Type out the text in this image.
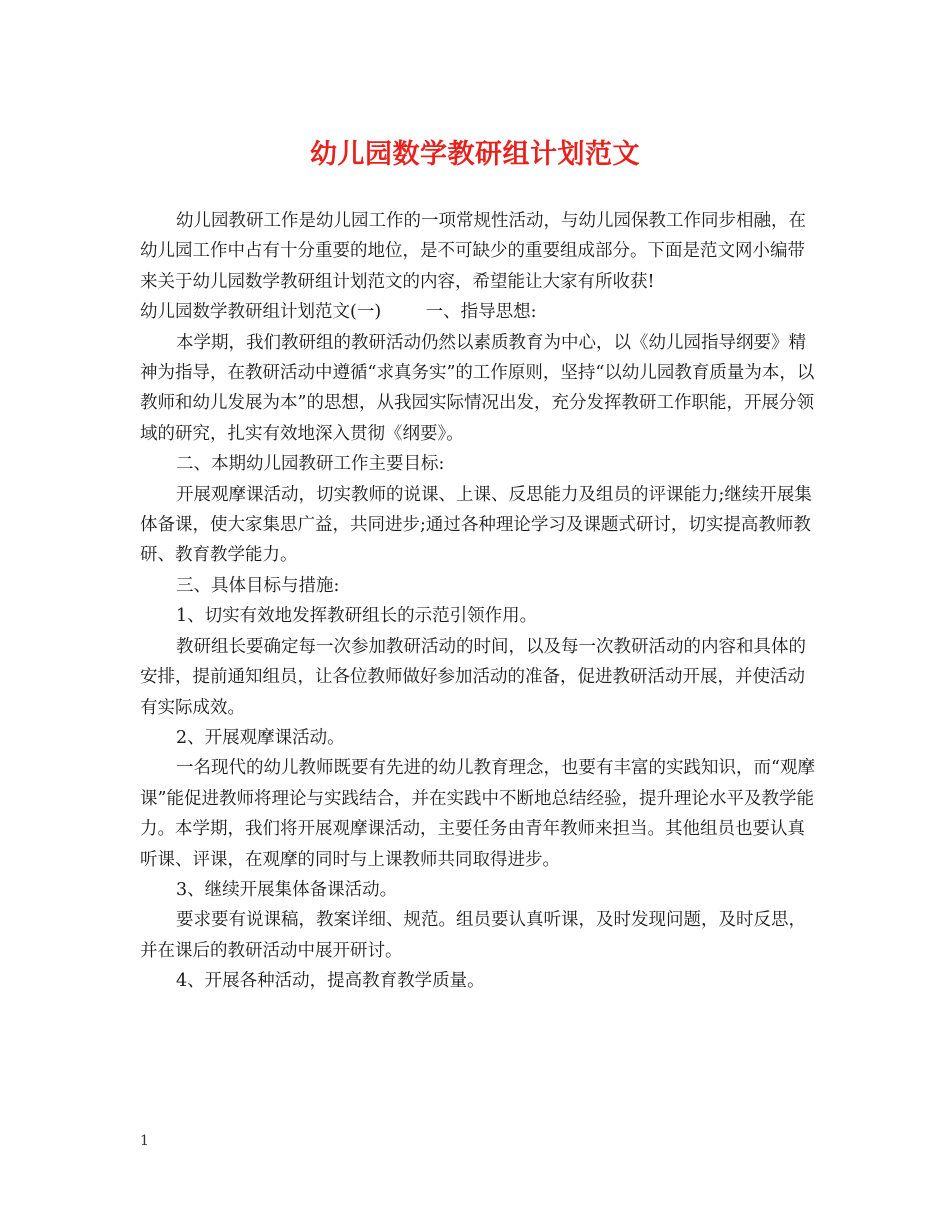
幼儿园数学教研组计划范文

幼儿园教研工作是幼儿园工作的一项常规性活动，与幼儿园保教工作同步相融，在幼儿园工作中占有十分重要的地位，是不可缺少的重要组成部分。下面是范文网小编带来关于幼儿园数学教研组计划范文的内容，希望能让大家有所收获!

幼儿园数学教研组计划范文(一)	一、指导思想:

本学期，我们教研组的教研活动仍然以素质教育为中心，以《幼儿园指导纲要》精神为指导，在教研活动中遵循“求真务实”的工作原则，坚持“以幼儿园教育质量为本，以教师和幼儿发展为本”的思想，从我园实际情况出发，充分发挥教研工作职能，开展分领域的研究，扎实有效地深入贯彻《纲要》。

二、本期幼儿园教研工作主要目标:

开展观摩课活动，切实教师的说课、上课、反思能力及组员的评课能力;继续开展集体备课，使大家集思广益，共同进步;通过各种理论学习及课题式研讨，切实提高教师教研、教育教学能力。

三、具体目标与措施:

1、切实有效地发挥教研组长的示范引领作用。

教研组长要确定每一次参加教研活动的时间，以及每一次教研活动的内容和具体的安排，提前通知组员，让各位教师做好参加活动的准备，促进教研活动开展，并使活动有实际成效。

2、开展观摩课活动。

一名现代的幼儿教师既要有先进的幼儿教育理念，也要有丰富的实践知识，而“观摩课”能促进教师将理论与实践结合，并在实践中不断地总结经验，提升理论水平及教学能力。本学期，我们将开展观摩课活动，主要任务由青年教师来担当。其他组员也要认真听课、评课，在观摩的同时与上课教师共同取得进步。

3、继续开展集体备课活动。

要求要有说课稿，教案详细、规范。组员要认真听课，及时发现问题，及时反思，并在课后的教研活动中展开研讨。

4、开展各种活动，提高教育教学质量。

1
